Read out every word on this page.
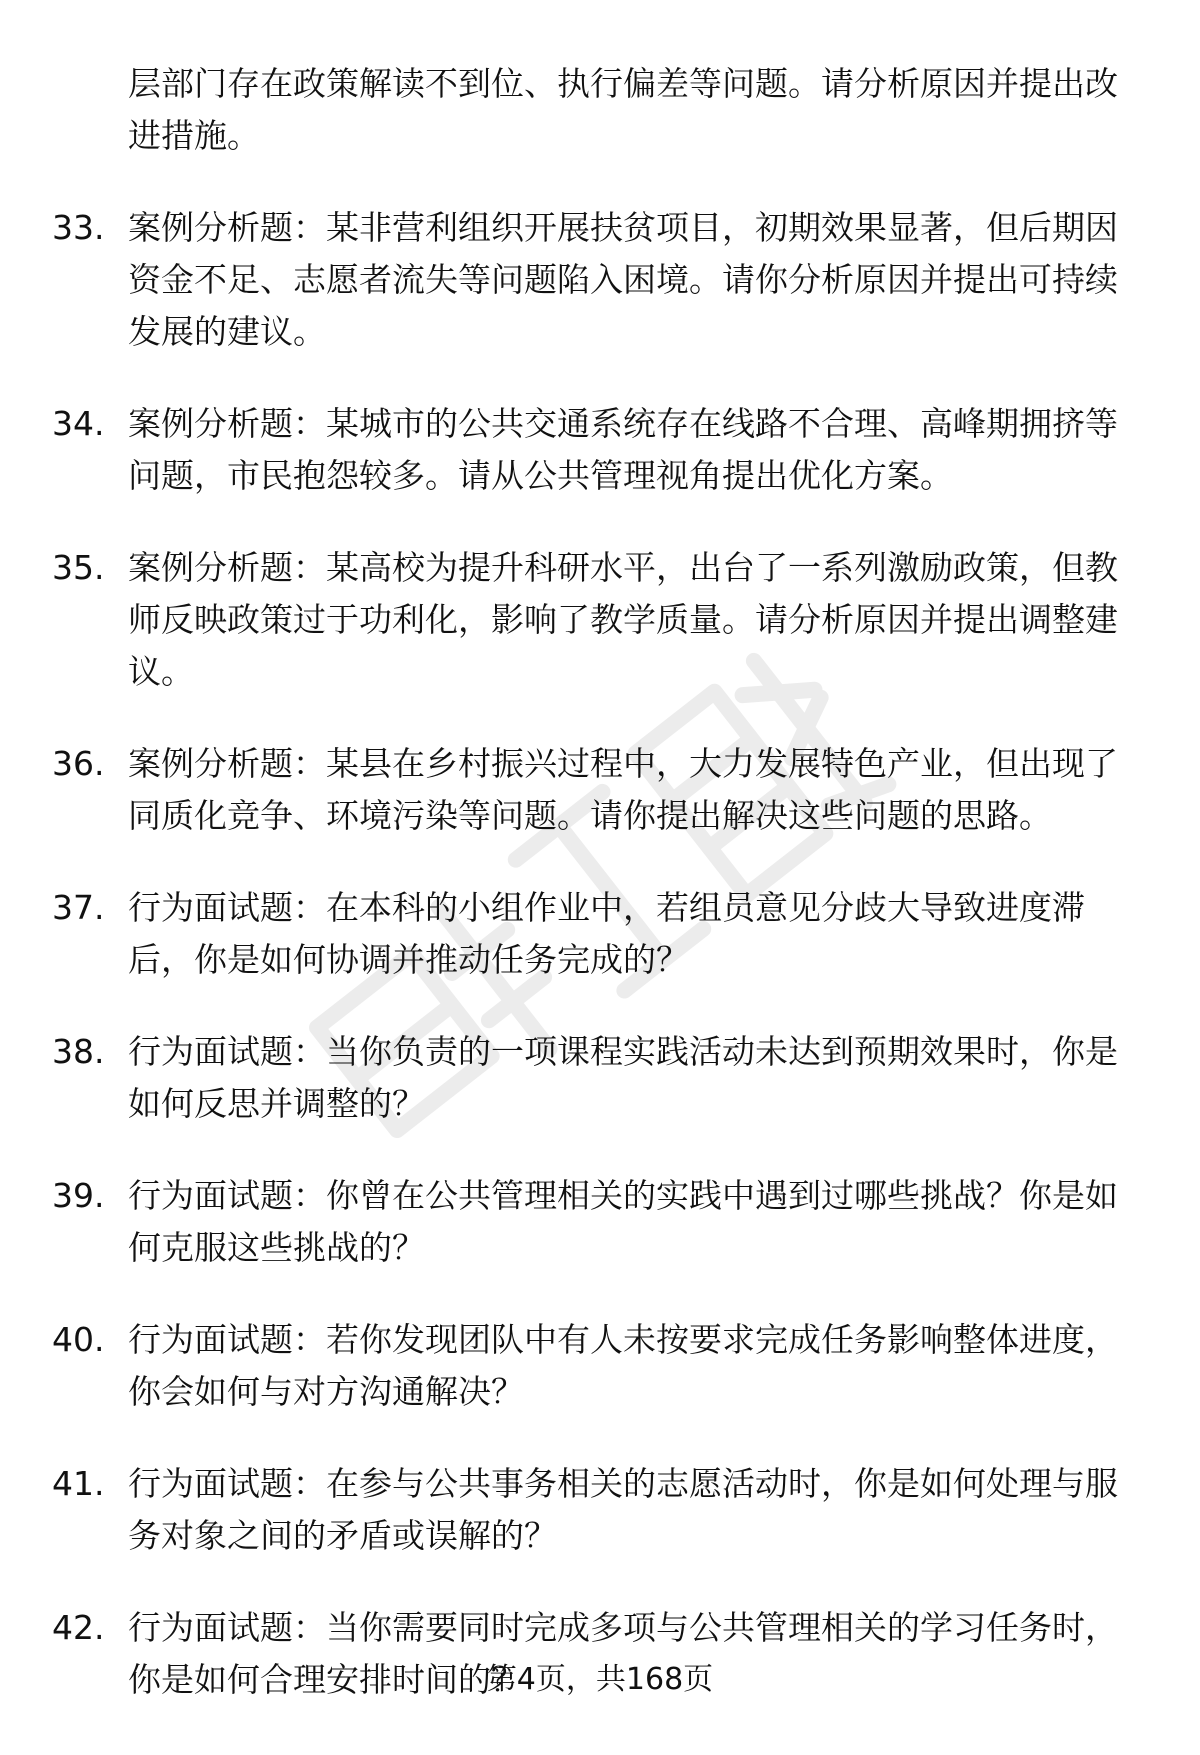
层部门存在政策解读不到位、执行偏差等问题。请分析原因并提出改进措施。
33. 案例分析题：某非营利组织开展扶贫项目，初期效果显著，但后期因资金不足、志愿者流失等问题陷入困境。请你分析原因并提出可持续发展的建议。
34. 案例分析题：某城市的公共交通系统存在线路不合理、高峰期拥挤等问题，市民抱怨较多。请从公共管理视角提出优化方案。
35. 案例分析题：某高校为提升科研水平，出台了一系列激励政策，但教师反映政策过于功利化，影响了教学质量。请分析原因并提出调整建议。
36. 案例分析题：某县在乡村振兴过程中，大力发展特色产业，但出现了同质化竞争、环境污染等问题。请你提出解决这些问题的思路。
37. 行为面试题：在本科的小组作业中，若组员意见分歧大导致进度滞后，你是如何协调并推动任务完成的？
38. 行为面试题：当你负责的一项课程实践活动未达到预期效果时，你是如何反思并调整的？
39. 行为面试题：你曾在公共管理相关的实践中遇到过哪些挑战？你是如何克服这些挑战的？
40. 行为面试题：若你发现团队中有人未按要求完成任务影响整体进度，你会如何与对方沟通解决？
41. 行为面试题：在参与公共事务相关的志愿活动时，你是如何处理与服务对象之间的矛盾或误解的？
42. 行为面试题：当你需要同时完成多项与公共管理相关的学习任务时，你是如何合理安排时间的？
第4页，共168页
